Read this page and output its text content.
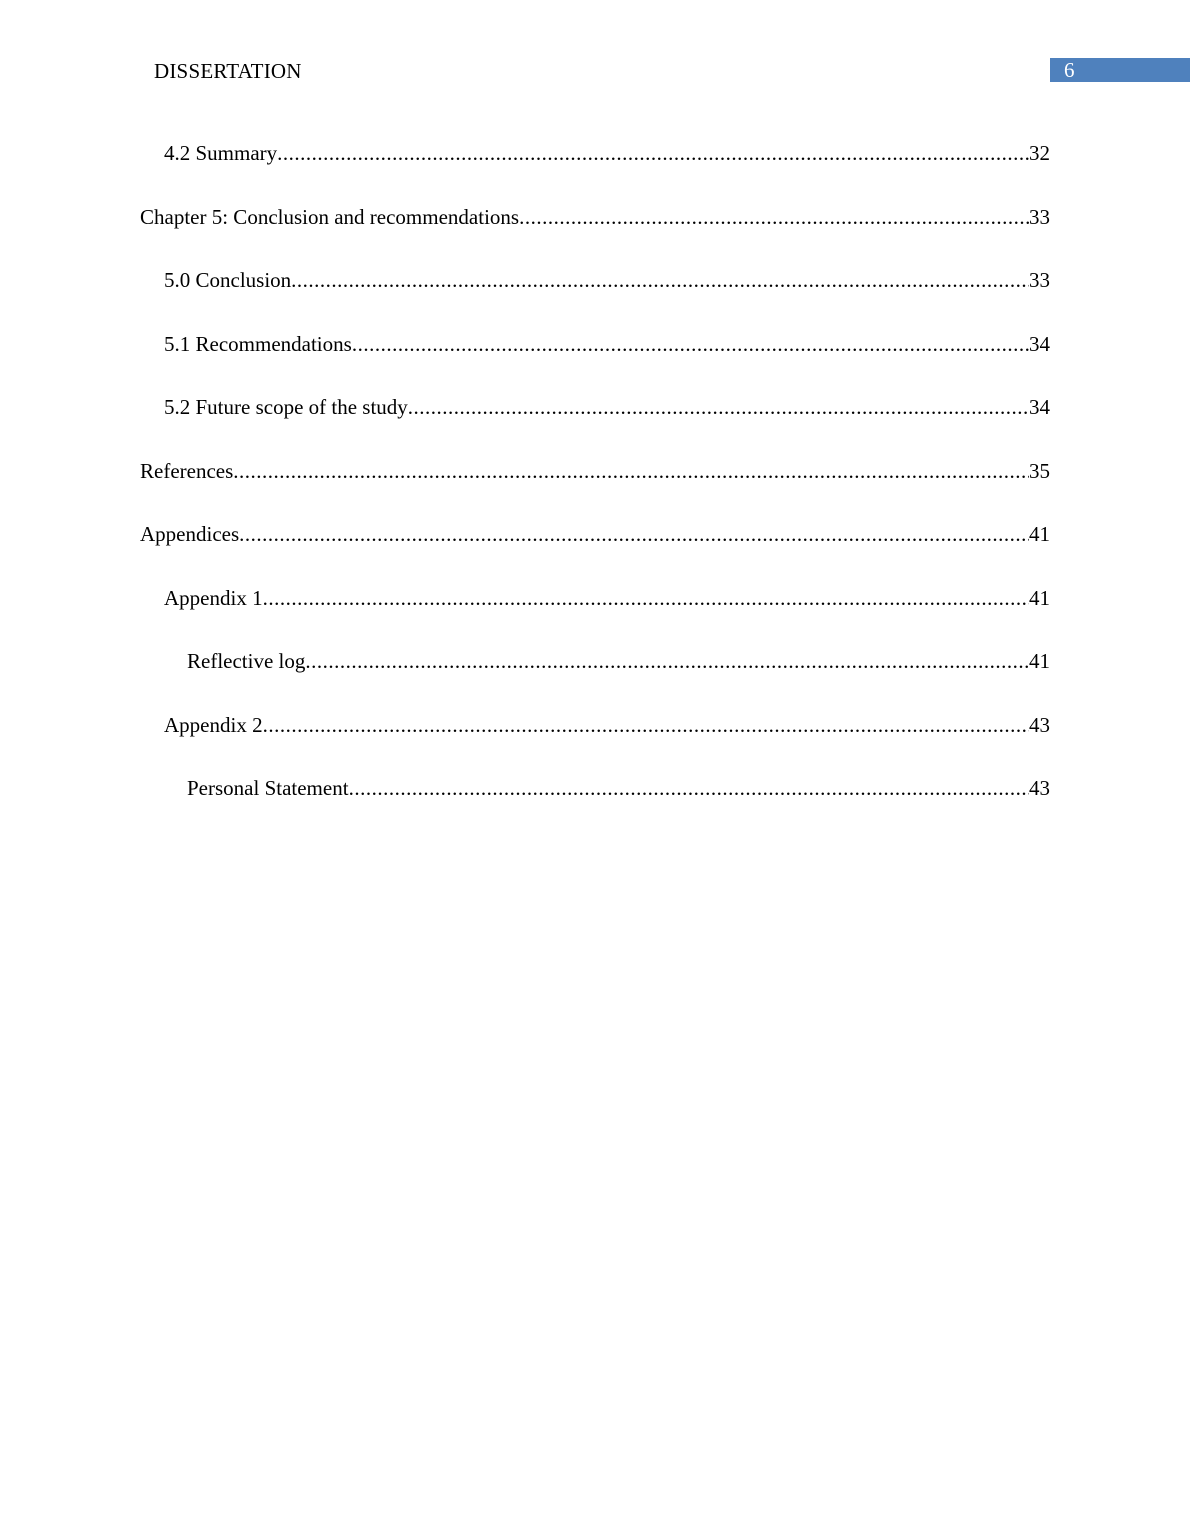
DISSERTATION	6
4.2 Summary .....	32
Chapter 5: Conclusion and recommendations .....	33
5.0 Conclusion .....	33
5.1 Recommendations .....	34
5.2 Future scope of the study .....	34
References .....	35
Appendices .....	41
Appendix 1 .....	41
Reflective log .....	41
Appendix 2 .....	43
Personal Statement .....	43
